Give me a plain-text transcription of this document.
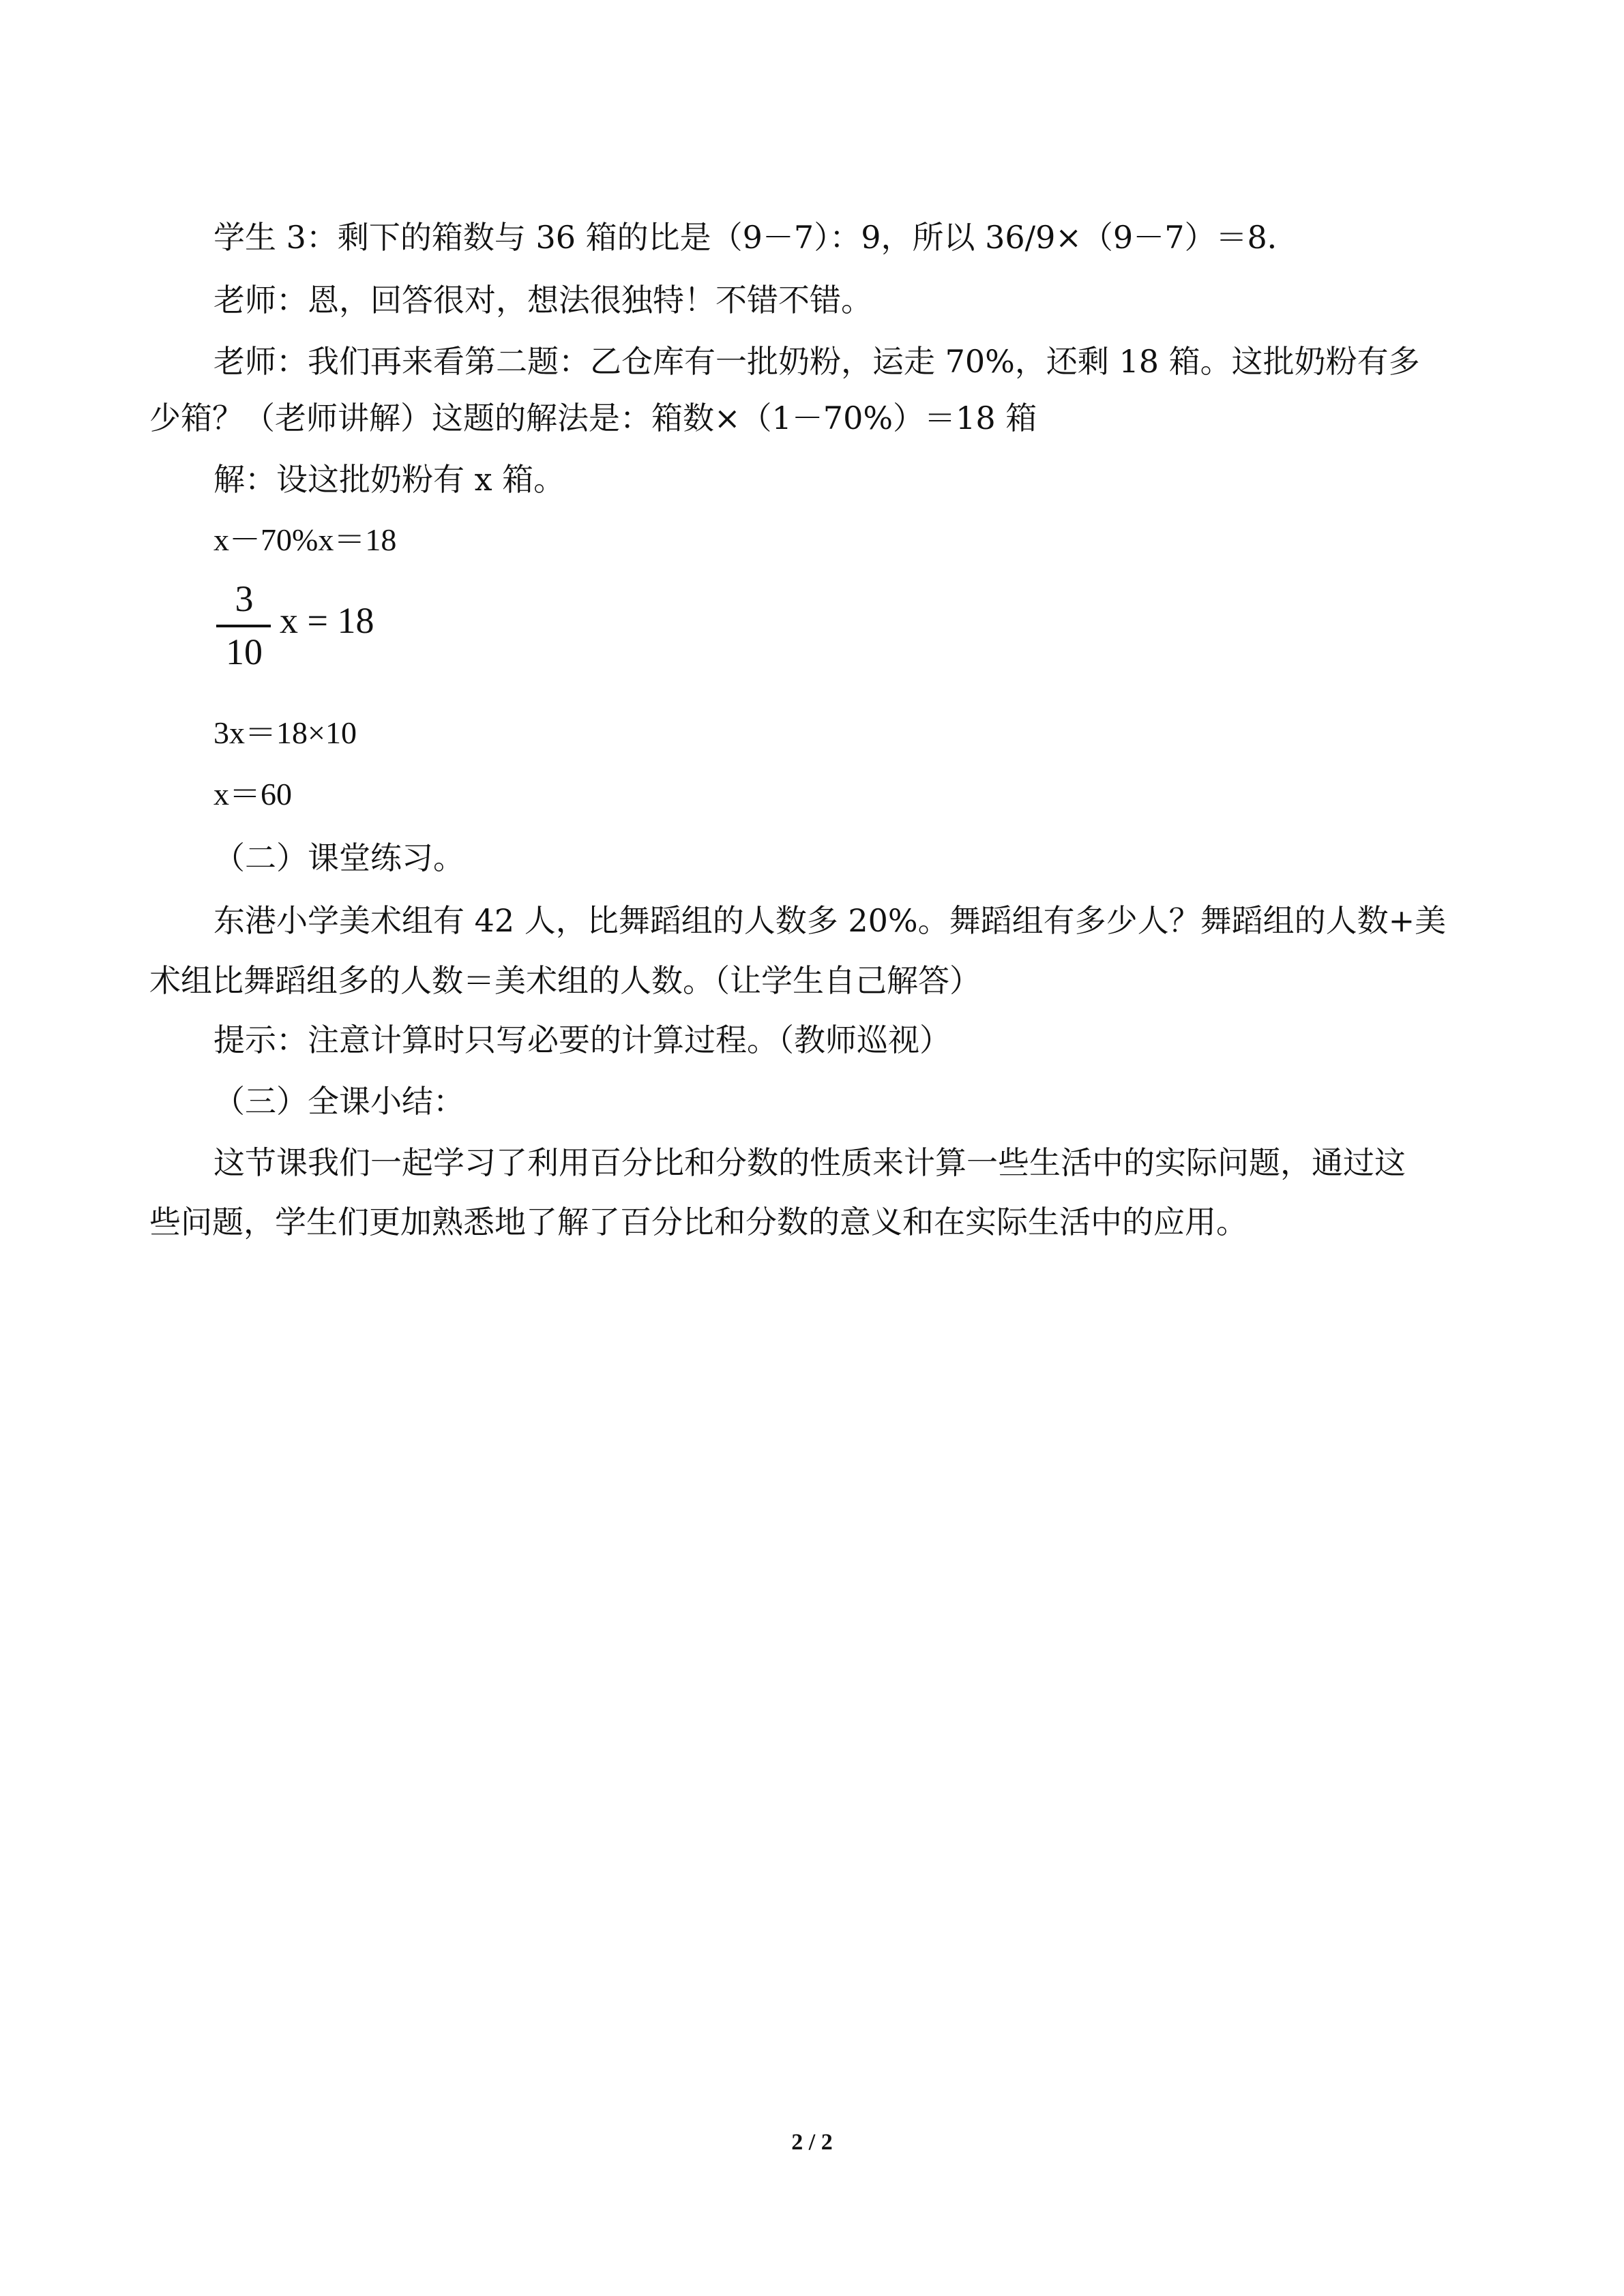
学生 3：剩下的箱数与 36 箱的比是（9－7）：9，所以 36/9×（9－7）＝8．
老师：恩，回答很对，想法很独特！不错不错。
老师：我们再来看第二题：乙仓库有一批奶粉，运走 70%，还剩 18 箱。这批奶粉有多
少箱？（老师讲解）这题的解法是：箱数×（1－70%）＝18 箱
解：设这批奶粉有 x 箱。
x－70%x＝18
3
10
x = 18
3x＝18×10
x＝60
（二）课堂练习。
东港小学美术组有 42 人，比舞蹈组的人数多 20%。舞蹈组有多少人？舞蹈组的人数+美
术组比舞蹈组多的人数＝美术组的人数。（让学生自己解答）
提示：注意计算时只写必要的计算过程。（教师巡视）
（三）全课小结：
这节课我们一起学习了利用百分比和分数的性质来计算一些生活中的实际问题，通过这
些问题，学生们更加熟悉地了解了百分比和分数的意义和在实际生活中的应用。
2 / 2
